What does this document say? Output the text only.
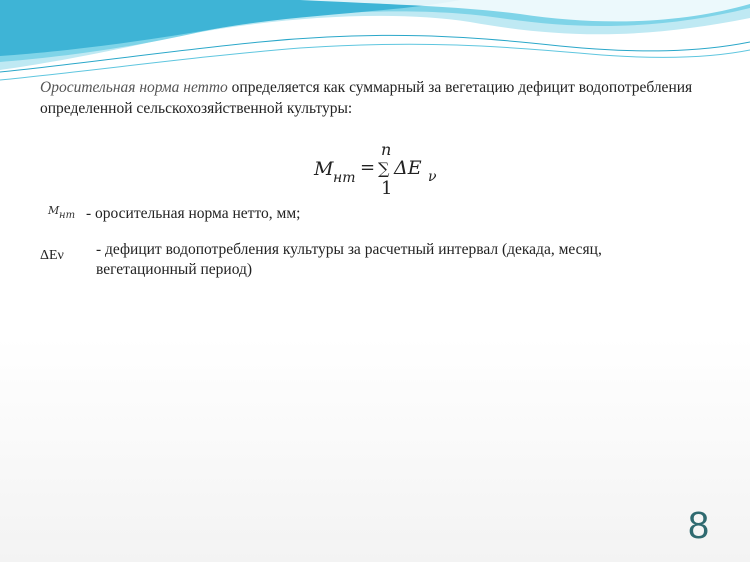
Оросительная норма нетто определяется как суммарный за вегетацию дефицит водопотребления определенной сельскохозяйственной культуры:
M нт =
n
∑
1
ΔE ν
M нт - оросительная норма нетто, мм;
ΔEν - дефицит водопотребления культуры за расчетный интервал (декада, месяц, вегетационный период)
8
